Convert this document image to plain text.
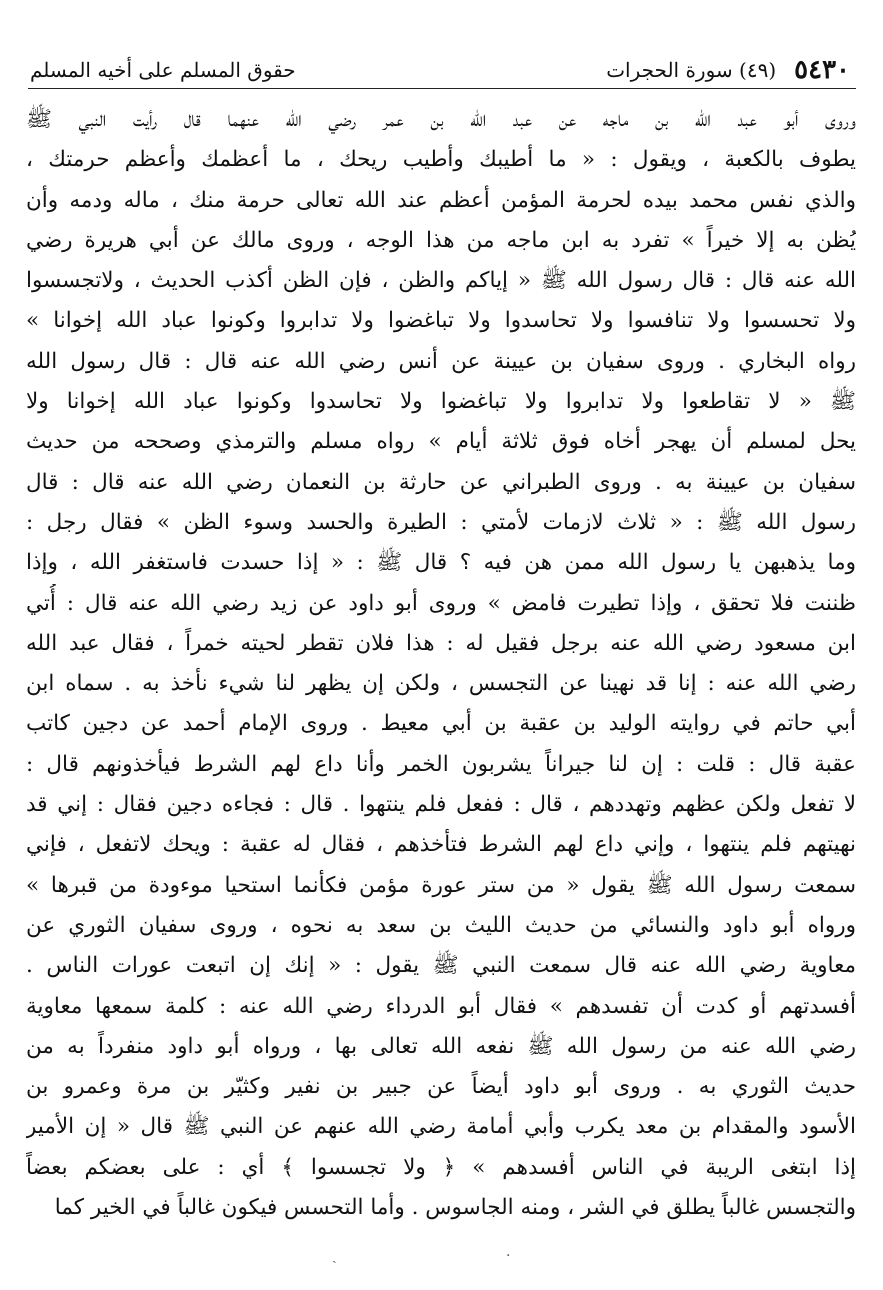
٥٤٣٠
(٤٩) سورة الحجرات
حقوق المسلم على أخيه المسلم
وروى أبو عبد الله بن ماجه عن عبد الله بن عمر رضي الله عنهما قال رأيت النبي ﷺ
يطوف بالكعبة ، ويقول : « ما أطيبك وأطيب ريحك ، ما أعظمك وأعظم حرمتك ،
والذي نفس محمد بيده لحرمة المؤمن أعظم عند الله تعالى حرمة منك ، ماله ودمه وأن
يُظن به إلا خيراً » تفرد به ابن ماجه من هذا الوجه ، وروى مالك عن أبي هريرة رضي
الله عنه قال : قال رسول الله ﷺ « إياكم والظن ، فإن الظن أكذب الحديث ، ولاتجسسوا
ولا تحسسوا ولا تنافسوا ولا تحاسدوا ولا تباغضوا ولا تدابروا وكونوا عباد الله إخوانا »
رواه البخاري . وروى سفيان بن عيينة عن أنس رضي الله عنه قال : قال رسول الله
ﷺ « لا تقاطعوا ولا تدابروا ولا تباغضوا ولا تحاسدوا وكونوا عباد الله إخوانا ولا
يحل لمسلم أن يهجر أخاه فوق ثلاثة أيام » رواه مسلم والترمذي وصححه من حديث
سفيان بن عيينة به . وروى الطبراني عن حارثة بن النعمان رضي الله عنه قال : قال
رسول الله ﷺ : « ثلاث لازمات لأمتي : الطيرة والحسد وسوء الظن » فقال رجل :
وما يذهبهن يا رسول الله ممن هن فيه ؟ قال ﷺ : « إذا حسدت فاستغفر الله ، وإذا
ظننت فلا تحقق ، وإذا تطيرت فامض » وروى أبو داود عن زيد رضي الله عنه قال : أُتي
ابن مسعود رضي الله عنه برجل فقيل له : هذا فلان تقطر لحيته خمراً ، فقال عبد الله
رضي الله عنه : إنا قد نهينا عن التجسس ، ولكن إن يظهر لنا شيء نأخذ به . سماه ابن
أبي حاتم في روايته الوليد بن عقبة بن أبي معيط . وروى الإمام أحمد عن دجين كاتب
عقبة قال : قلت : إن لنا جيراناً يشربون الخمر وأنا داع لهم الشرط فيأخذونهم قال :
لا تفعل ولكن عظهم وتهددهم ، قال : ففعل فلم ينتهوا . قال : فجاءه دجين فقال : إني قد
نهيتهم فلم ينتهوا ، وإني داع لهم الشرط فتأخذهم ، فقال له عقبة : ويحك لاتفعل ، فإني
سمعت رسول الله ﷺ يقول « من ستر عورة مؤمن فكأنما استحيا موءودة من قبرها »
ورواه أبو داود والنسائي من حديث الليث بن سعد به نحوه ، وروى سفيان الثوري عن
معاوية رضي الله عنه قال سمعت النبي ﷺ يقول : « إنك إن اتبعت عورات الناس .
أفسدتهم أو كدت أن تفسدهم » فقال أبو الدرداء رضي الله عنه : كلمة سمعها معاوية
رضي الله عنه من رسول الله ﷺ نفعه الله تعالى بها ، ورواه أبو داود منفرداً به من
حديث الثوري به . وروى أبو داود أيضاً عن جبير بن نفير وكثيّر بن مرة وعمرو بن
الأسود والمقدام بن معد يكرب وأبي أمامة رضي الله عنهم عن النبي ﷺ قال « إن الأمير
إذا ابتغى الريبة في الناس أفسدهم » ﴿ ولا تجسسوا ﴾ أي : على بعضكم بعضاً
والتجسس غالباً يطلق في الشر ، ومنه الجاسوس . وأما التحسس فيكون غالباً في الخير كما
ˎ	·
